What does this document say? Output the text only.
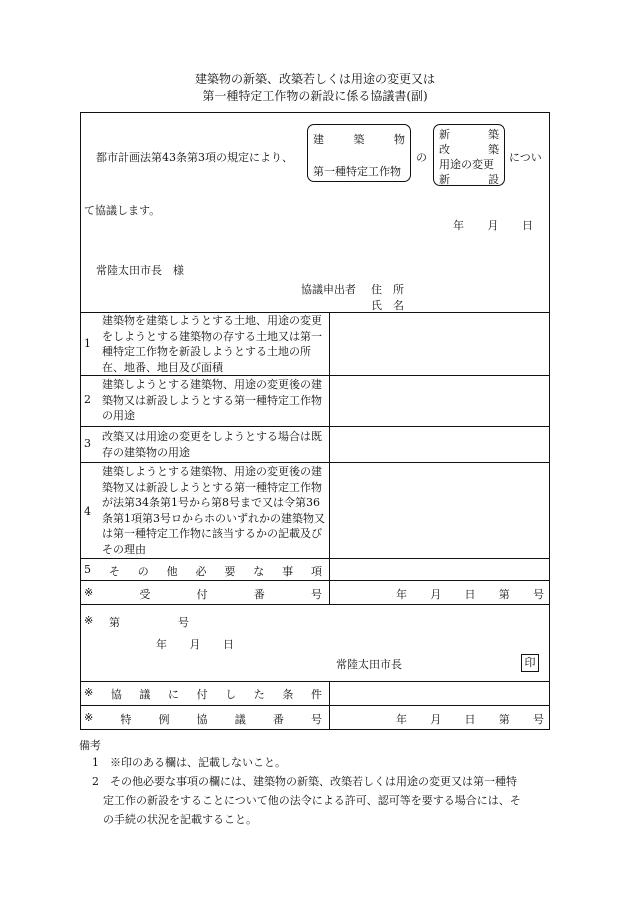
建築物の新築、改築若しくは用途の変更又は
第一種特定工作物の新設に係る協議書(副)
都市計画法第43条第3項の規定により、
建	築	物
第一種特定工作物
の
新	築
改	築
用途の変更
新	設
につい
て協議します。
年 月 日
常陸太田市長　様
協議申出者 住　所
氏　名
1
建築物を建築しようとする土地、用途の変更をしようとする建築物の存する土地又は第一種特定工作物を新設しようとする土地の所在、地番、地目及び面積
2
建築しようとする建築物、用途の変更後の建築物又は新設しようとする第一種特定工作物の用途
3
改築又は用途の変更をしようとする場合は既存の建築物の用途
4
建築しようとする建築物、用途の変更後の建築物又は新設しようとする第一種特定工作物が法第34条第1号から第8号まで又は令第36条第1項第3号ロからホのいずれかの建築物又は第一種特定工作物に該当するかの記載及びその理由
5 そ の 他 必 要 な 事 項
※	受	付	番	号	年 月 日 第 号
※ 第	号
年 月 日
常陸太田市長	印
※ 協 議 に 付 し た 条 件
※ 特 例 協 議 番 号	年 月 日 第 号
備考
1　※印のある欄は、記載しないこと。
2　その他必要な事項の欄には、建築物の新築、改築若しくは用途の変更又は第一種特
定工作の新設をすることについて他の法令による許可、認可等を要する場合には、そ
の手続の状況を記載すること。
